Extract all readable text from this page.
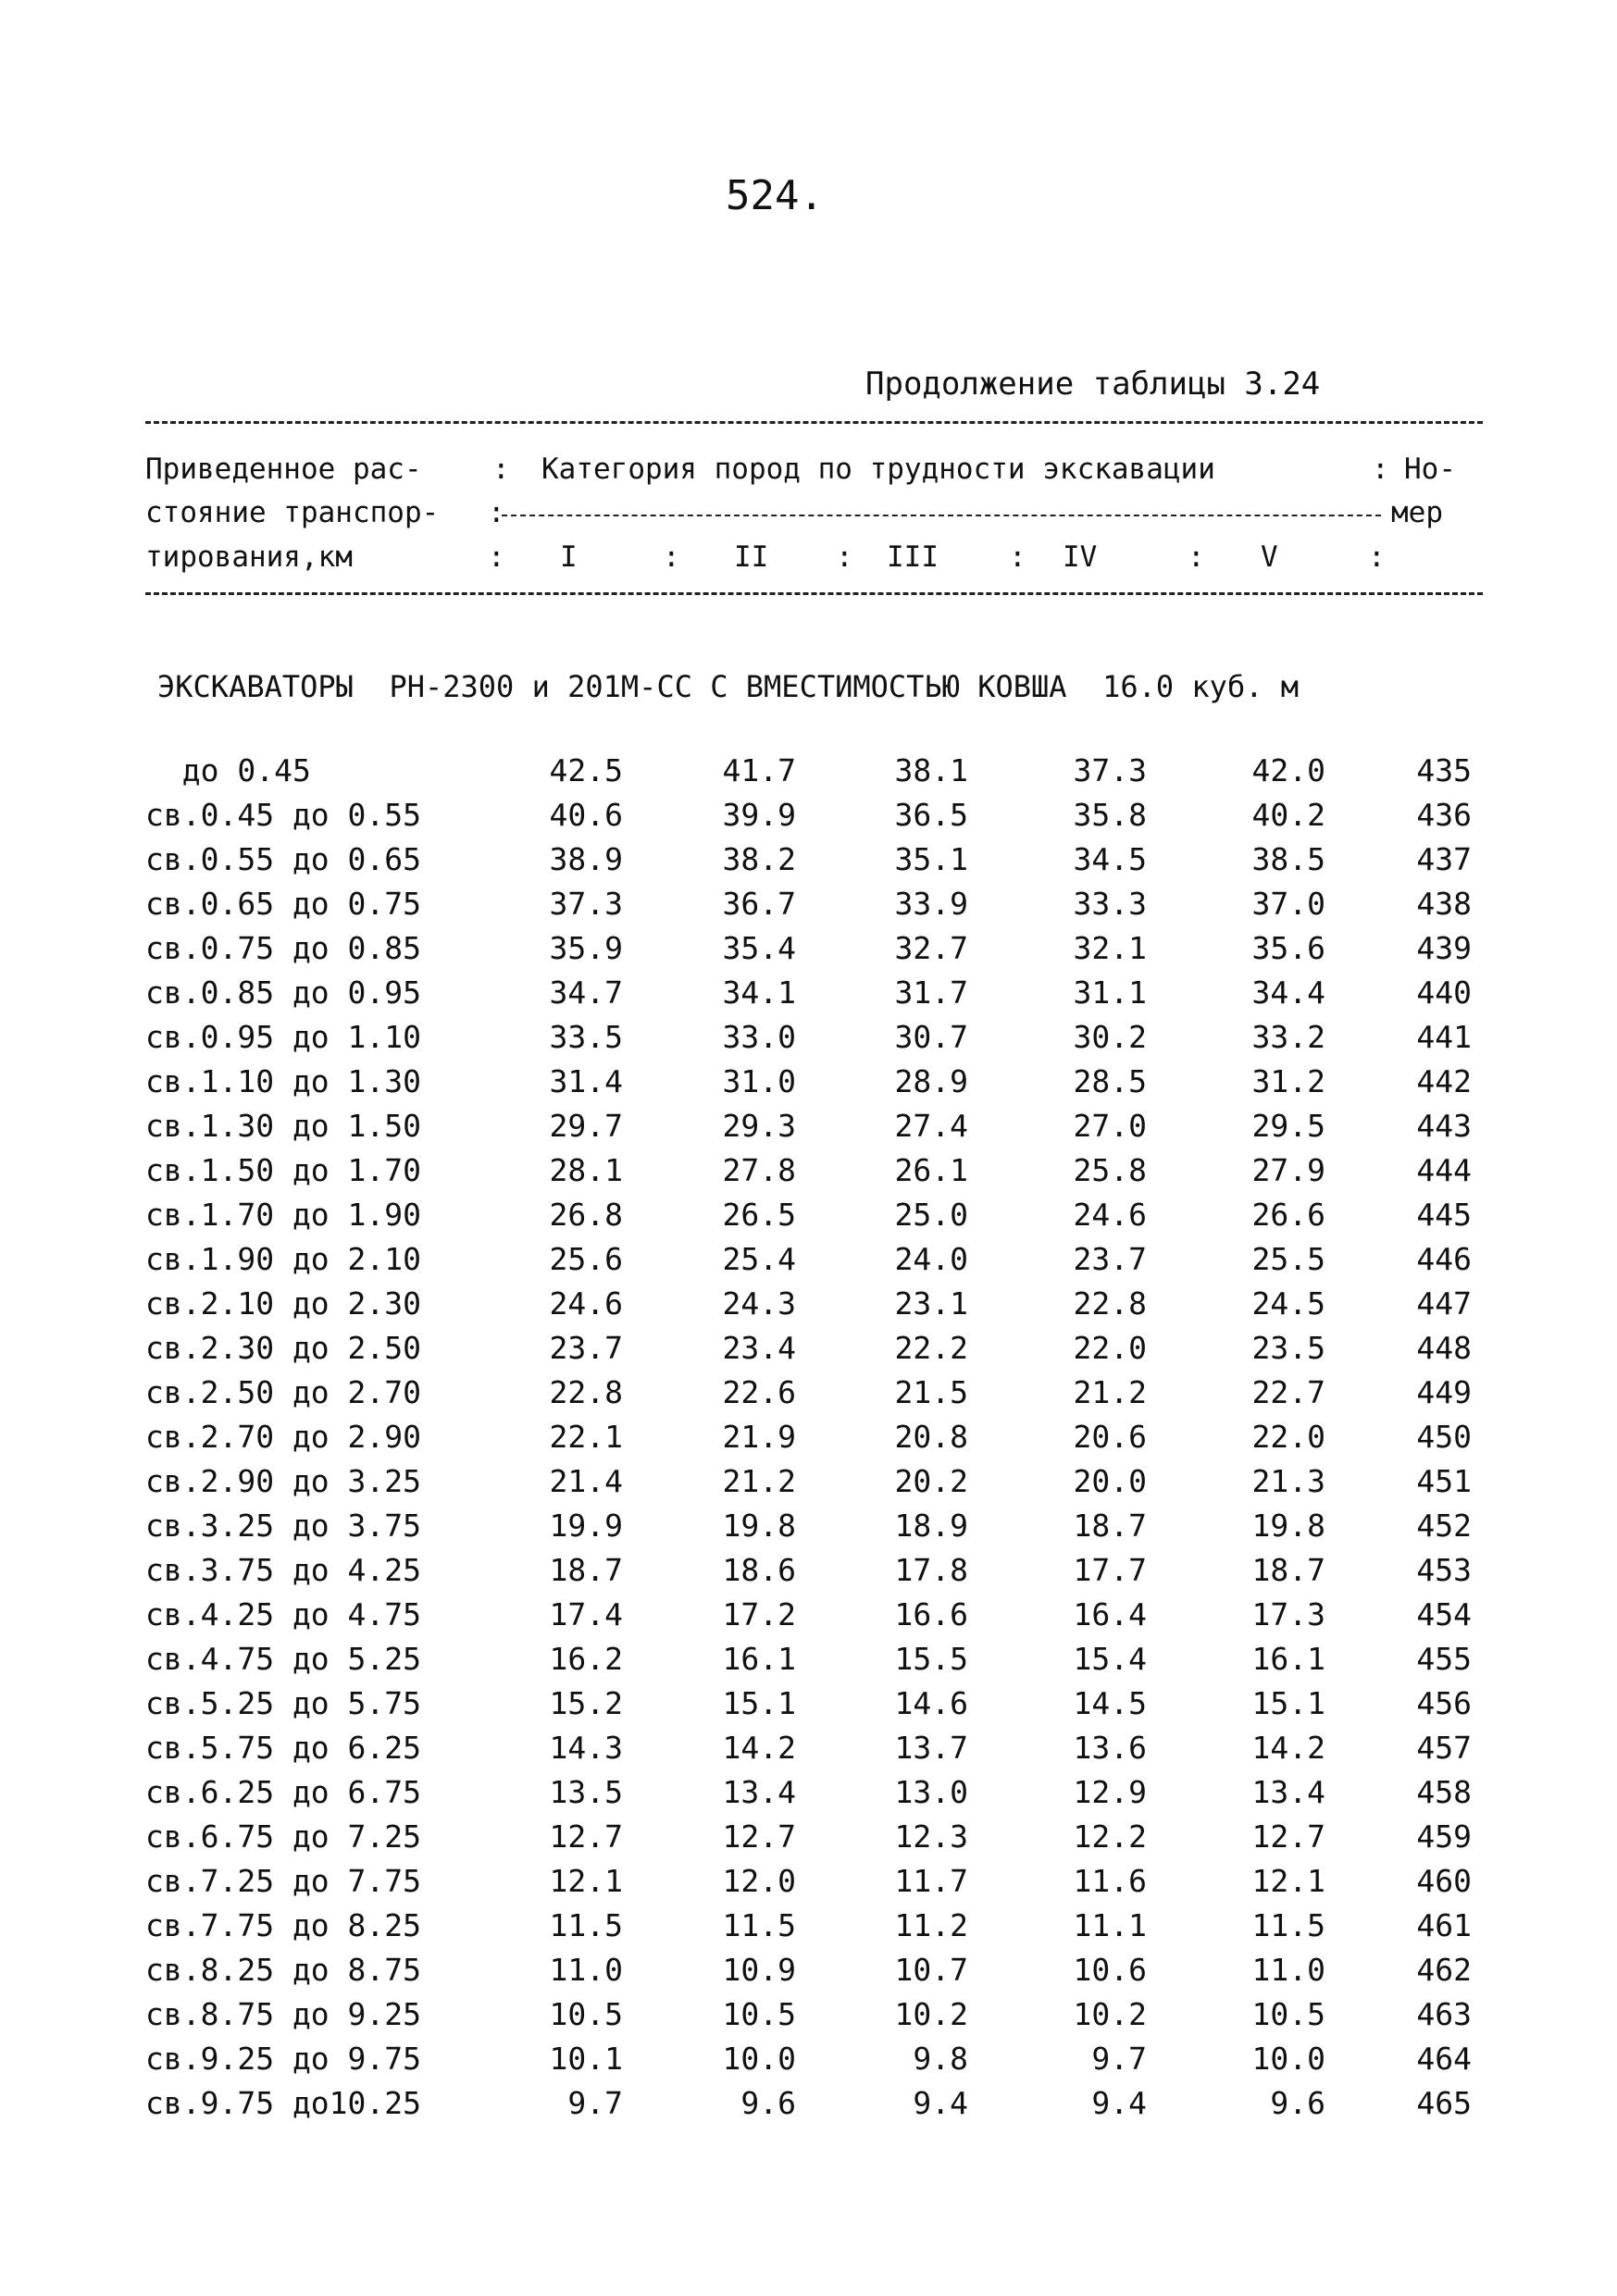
524.
Продолжение таблицы 3.24
Приведенное рас- : Категория пород по трудности экскавации	: Но-
стояние транспор- :	мер
тирования,км	: I	: II : III : IV	: V	:
ЭКСКАВАТОРЫ  РН-2300 и 201М-СС С ВМЕСТИМОСТЬЮ КОВША  16.0 куб. м
до 0.45	42.5	41.7	38.1	37.3	42.0	435
св.0.45 до 0.55	40.6	39.9	36.5	35.8	40.2	436
св.0.55 до 0.65	38.9	38.2	35.1	34.5	38.5	437
св.0.65 до 0.75	37.3	36.7	33.9	33.3	37.0	438
св.0.75 до 0.85	35.9	35.4	32.7	32.1	35.6	439
св.0.85 до 0.95	34.7	34.1	31.7	31.1	34.4	440
св.0.95 до 1.10	33.5	33.0	30.7	30.2	33.2	441
св.1.10 до 1.30	31.4	31.0	28.9	28.5	31.2	442
св.1.30 до 1.50	29.7	29.3	27.4	27.0	29.5	443
св.1.50 до 1.70	28.1	27.8	26.1	25.8	27.9	444
св.1.70 до 1.90	26.8	26.5	25.0	24.6	26.6	445
св.1.90 до 2.10	25.6	25.4	24.0	23.7	25.5	446
св.2.10 до 2.30	24.6	24.3	23.1	22.8	24.5	447
св.2.30 до 2.50	23.7	23.4	22.2	22.0	23.5	448
св.2.50 до 2.70	22.8	22.6	21.5	21.2	22.7	449
св.2.70 до 2.90	22.1	21.9	20.8	20.6	22.0	450
св.2.90 до 3.25	21.4	21.2	20.2	20.0	21.3	451
св.3.25 до 3.75	19.9	19.8	18.9	18.7	19.8	452
св.3.75 до 4.25	18.7	18.6	17.8	17.7	18.7	453
св.4.25 до 4.75	17.4	17.2	16.6	16.4	17.3	454
св.4.75 до 5.25	16.2	16.1	15.5	15.4	16.1	455
св.5.25 до 5.75	15.2	15.1	14.6	14.5	15.1	456
св.5.75 до 6.25	14.3	14.2	13.7	13.6	14.2	457
св.6.25 до 6.75	13.5	13.4	13.0	12.9	13.4	458
св.6.75 до 7.25	12.7	12.7	12.3	12.2	12.7	459
св.7.25 до 7.75	12.1	12.0	11.7	11.6	12.1	460
св.7.75 до 8.25	11.5	11.5	11.2	11.1	11.5	461
св.8.25 до 8.75	11.0	10.9	10.7	10.6	11.0	462
св.8.75 до 9.25	10.5	10.5	10.2	10.2	10.5	463
св.9.25 до 9.75	10.1	10.0	9.8	9.7	10.0	464
св.9.75 до10.25	9.7	9.6	9.4	9.4	9.6	465
